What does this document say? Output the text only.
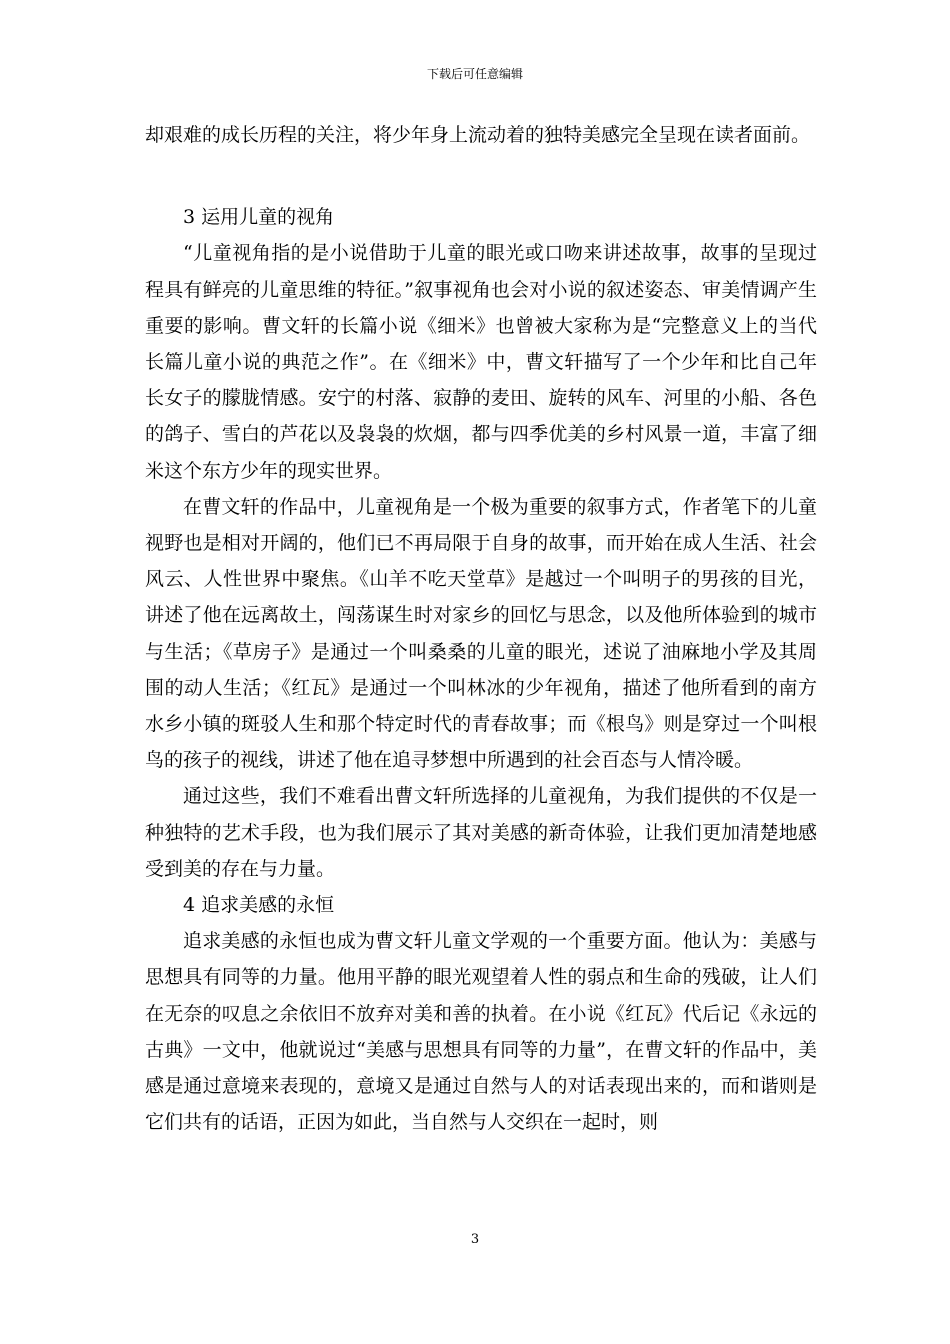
下载后可任意编辑

却艰难的成长历程的关注，将少年身上流动着的独特美感完全呈现在读者面前。

3 运用儿童的视角

“儿童视角指的是小说借助于儿童的眼光或口吻来讲述故事，故事的呈现过程具有鲜亮的儿童思维的特征。”叙事视角也会对小说的叙述姿态、审美情调产生重要的影响。曹文轩的长篇小说《细米》也曾被大家称为是“完整意义上的当代长篇儿童小说的典范之作”。在《细米》中，曹文轩描写了一个少年和比自己年长女子的朦胧情感。安宁的村落、寂静的麦田、旋转的风车、河里的小船、各色的鸽子、雪白的芦花以及袅袅的炊烟，都与四季优美的乡村风景一道，丰富了细米这个东方少年的现实世界。

在曹文轩的作品中，儿童视角是一个极为重要的叙事方式，作者笔下的儿童视野也是相对开阔的，他们已不再局限于自身的故事，而开始在成人生活、社会风云、人性世界中聚焦。《山羊不吃天堂草》是越过一个叫明子的男孩的目光，讲述了他在远离故土，闯荡谋生时对家乡的回忆与思念，以及他所体验到的城市与生活；《草房子》是通过一个叫桑桑的儿童的眼光，述说了油麻地小学及其周围的动人生活；《红瓦》是通过一个叫林冰的少年视角，描述了他所看到的南方水乡小镇的斑驳人生和那个特定时代的青春故事；而《根鸟》则是穿过一个叫根鸟的孩子的视线，讲述了他在追寻梦想中所遇到的社会百态与人情冷暖。

通过这些，我们不难看出曹文轩所选择的儿童视角，为我们提供的不仅是一种独特的艺术手段，也为我们展示了其对美感的新奇体验，让我们更加清楚地感受到美的存在与力量。

4 追求美感的永恒

追求美感的永恒也成为曹文轩儿童文学观的一个重要方面。他认为：美感与思想具有同等的力量。他用平静的眼光观望着人性的弱点和生命的残破，让人们在无奈的叹息之余依旧不放弃对美和善的执着。在小说《红瓦》代后记《永远的古典》一文中，他就说过“美感与思想具有同等的力量”，在曹文轩的作品中，美感是通过意境来表现的，意境又是通过自然与人的对话表现出来的，而和谐则是它们共有的话语，正因为如此，当自然与人交织在一起时，则

3
